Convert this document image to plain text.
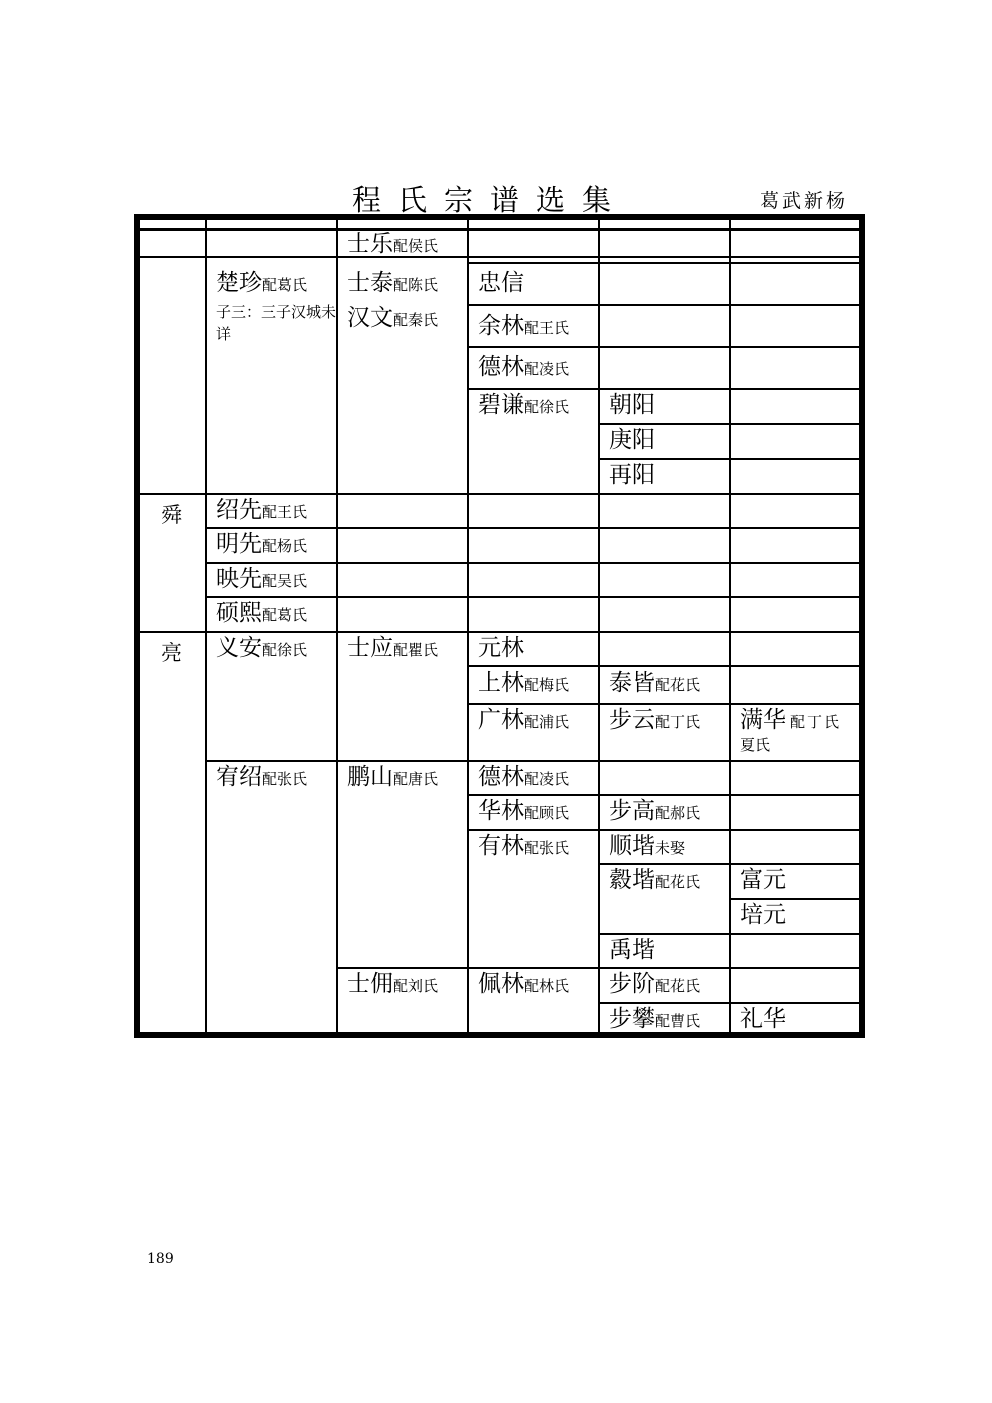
程氏宗谱选集	葛武新杨
舜
亮
士乐配侯氏
楚珍配葛氏
子三：三子汉城未详
士泰配陈氏
汉文配秦氏
忠信
余林配王氏
德林配凌氏
碧谦配徐氏 朝阳
庚阳
再阳
绍先配王氏
明先配杨氏
映先配吴氏
硕熙配葛氏
义安配徐氏 士应配瞿氏 元林
上林配梅氏 泰皆配花氏
广林配浦氏 步云配丁氏 满华 配丁氏
夏氏
宥绍配张氏 鹏山配唐氏 德林配凌氏
华林配顾氏 步高配郝氏
有林配张氏 顺堦未娶
縠堦配花氏 富元
培元
禹堦
士佣配刘氏 佩林配林氏 步阶配花氏
步攀配曹氏 礼华
189
